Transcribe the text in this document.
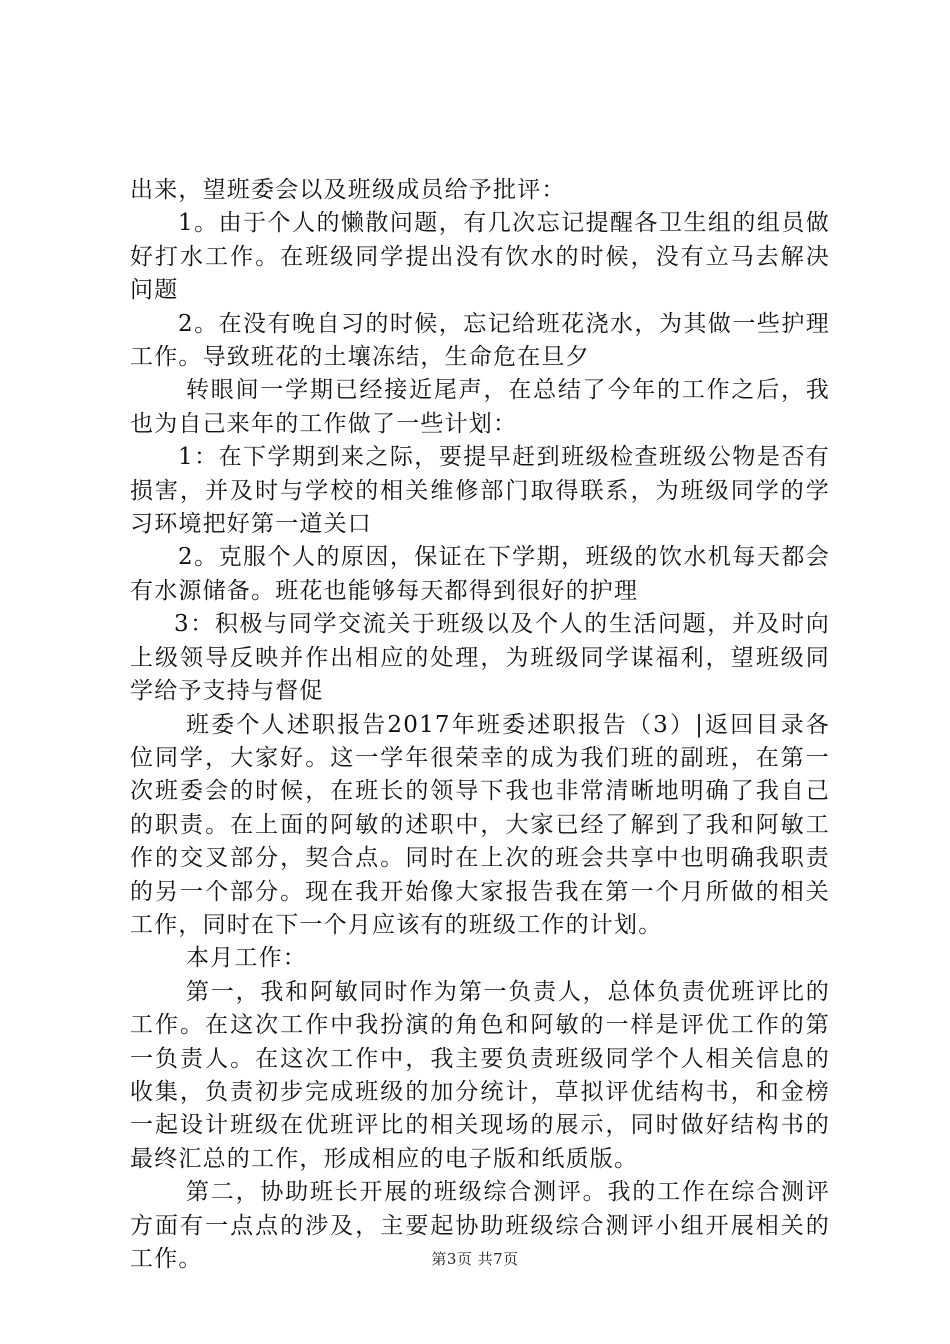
出来，望班委会以及班级成员给予批评：

1。由于个人的懒散问题，有几次忘记提醒各卫生组的组员做好打水工作。在班级同学提出没有饮水的时候，没有立马去解决问题

2。在没有晚自习的时候，忘记给班花浇水，为其做一些护理工作。导致班花的土壤冻结，生命危在旦夕

转眼间一学期已经接近尾声，在总结了今年的工作之后，我也为自己来年的工作做了一些计划：

1：在下学期到来之际，要提早赶到班级检查班级公物是否有损害，并及时与学校的相关维修部门取得联系，为班级同学的学习环境把好第一道关口

2。克服个人的原因，保证在下学期，班级的饮水机每天都会有水源储备。班花也能够每天都得到很好的护理

3：积极与同学交流关于班级以及个人的生活问题，并及时向上级领导反映并作出相应的处理，为班级同学谋福利，望班级同学给予支持与督促

班委个人述职报告2017年班委述职报告（3）|返回目录各位同学，大家好。这一学年很荣幸的成为我们班的副班，在第一次班委会的时候，在班长的领导下我也非常清晰地明确了我自己的职责。在上面的阿敏的述职中，大家已经了解到了我和阿敏工作的交叉部分，契合点。同时在上次的班会共享中也明确我职责的另一个部分。现在我开始像大家报告我在第一个月所做的相关工作，同时在下一个月应该有的班级工作的计划。

本月工作：

第一，我和阿敏同时作为第一负责人，总体负责优班评比的工作。在这次工作中我扮演的角色和阿敏的一样是评优工作的第一负责人。在这次工作中，我主要负责班级同学个人相关信息的收集，负责初步完成班级的加分统计，草拟评优结构书，和金榜一起设计班级在优班评比的相关现场的展示，同时做好结构书的最终汇总的工作，形成相应的电子版和纸质版。

第二，协助班长开展的班级综合测评。我的工作在综合测评方面有一点点的涉及，主要起协助班级综合测评小组开展相关的工作。	第3页 共7页
